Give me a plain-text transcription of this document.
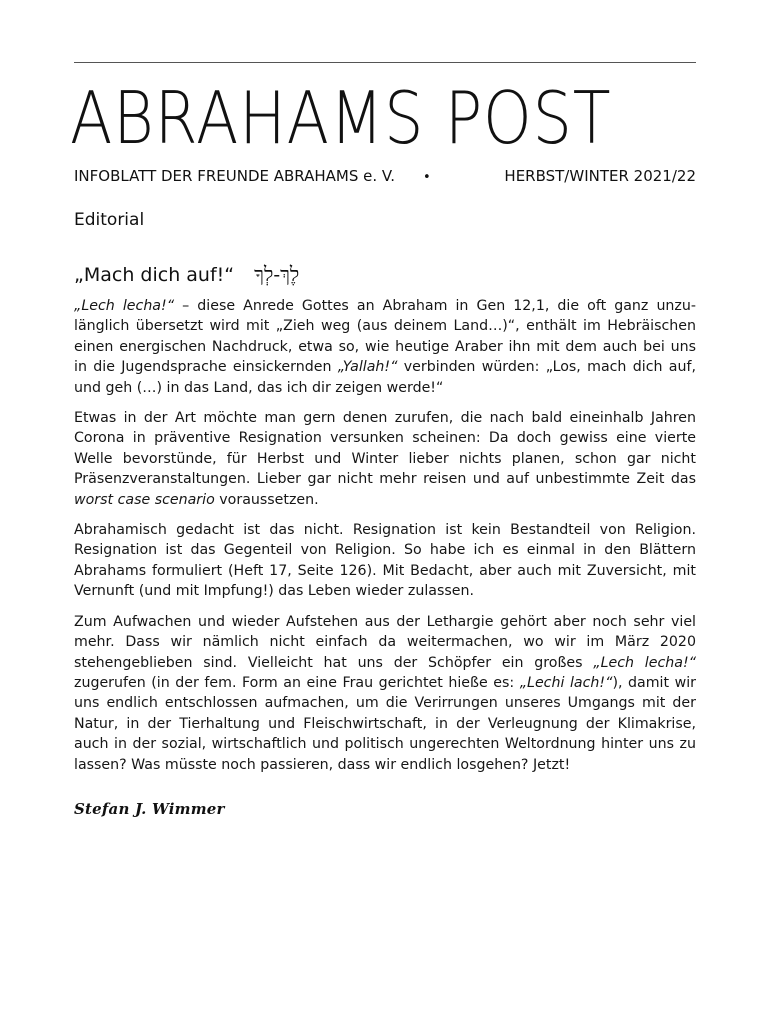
ABRAHAMS POST
INFOBLATT DER FREUNDE ABRAHAMS e. V. •	HERBST/WINTER 2021/22
Editorial
„Mach dich auf!“ לֶךְ-לְךָ

„Lech lecha!“ – diese Anrede Gottes an Abraham in Gen 12,1, die oft ganz unzulänglich übersetzt wird mit „Zieh weg (aus deinem Land…)“, enthält im Hebräischen einen energischen Nachdruck, etwa so, wie heutige Araber ihn mit dem auch bei uns in die Jugendsprache einsickernden „Yallah!“ verbinden würden: „Los, mach dich auf, und geh (…) in das Land, das ich dir zeigen werde!“

Etwas in der Art möchte man gern denen zurufen, die nach bald eineinhalb Jahren Corona in präventive Resignation versunken scheinen: Da doch gewiss eine vierte Welle bevorstünde, für Herbst und Winter lieber nichts planen, schon gar nicht Präsenzveranstaltungen. Lieber gar nicht mehr reisen und auf unbestimmte Zeit das worst case scenario voraussetzen.

Abrahamisch gedacht ist das nicht. Resignation ist kein Bestandteil von Religion. Resignation ist das Gegenteil von Religion. So habe ich es einmal in den Blättern Abrahams formuliert (Heft 17, Seite 126). Mit Bedacht, aber auch mit Zuversicht, mit Vernunft (und mit Impfung!) das Leben wieder zulassen.

Zum Aufwachen und wieder Aufstehen aus der Lethargie gehört aber noch sehr viel mehr. Dass wir nämlich nicht einfach da weitermachen, wo wir im März 2020 stehengeblieben sind. Vielleicht hat uns der Schöpfer ein großes „Lech lecha!“ zugerufen (in der fem. Form an eine Frau gerichtet hieße es: „Lechi lach!“), damit wir uns endlich entschlossen aufmachen, um die Verirrungen unseres Umgangs mit der Natur, in der Tierhaltung und Fleischwirtschaft, in der Verleugnung der Klimakrise, auch in der sozial, wirtschaftlich und politisch ungerechten Weltordnung hinter uns zu lassen? Was müsste noch passieren, dass wir endlich losgehen? Jetzt!

Stefan J. Wimmer
